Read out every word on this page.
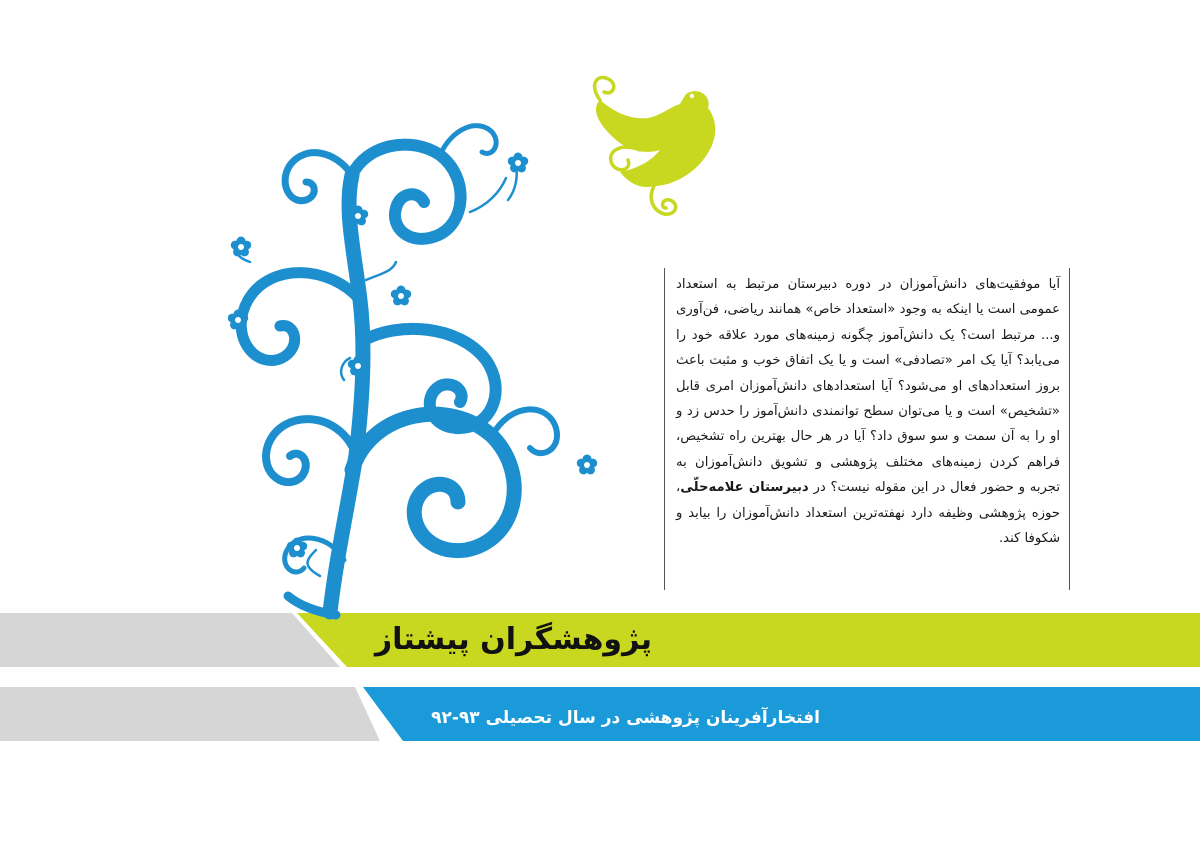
آیا موفقیت‌های دانش‌آموزان در دوره دبیرستان مرتبط به استعداد عمومی است یا اینکه به وجود «استعداد خاص» همانند ریاضی، فن‌آوری و... مرتبط است؟ یک دانش‌آموز چگونه زمینه‌های مورد علاقه خود را می‌یابد؟ آیا یک امر «تصادفی» است و یا یک اتفاق خوب و مثبت باعث بروز استعدادهای او می‌شود؟ آیا استعدادهای دانش‌آموزان امری قابل «تشخیص» است و یا می‌توان سطح توانمندی دانش‌آموز را حدس زد و او را به آن سمت و سو سوق داد؟ آیا در هر حال بهترین راه تشخیص، فراهم کردن زمینه‌های مختلف پژوهشی و تشویق دانش‌آموزان به تجربه و حضور فعال در این مقوله نیست؟ در دبیرستان علامه‌حلّی، حوزه پژوهشی وظیفه دارد نهفته‌ترین استعداد دانش‌آموزان را بیابد و شکوفا کند.
پژوهشگران پیشتاز
افتخارآفرینان پژوهشی در سال تحصیلی ۹۳-۹۲
